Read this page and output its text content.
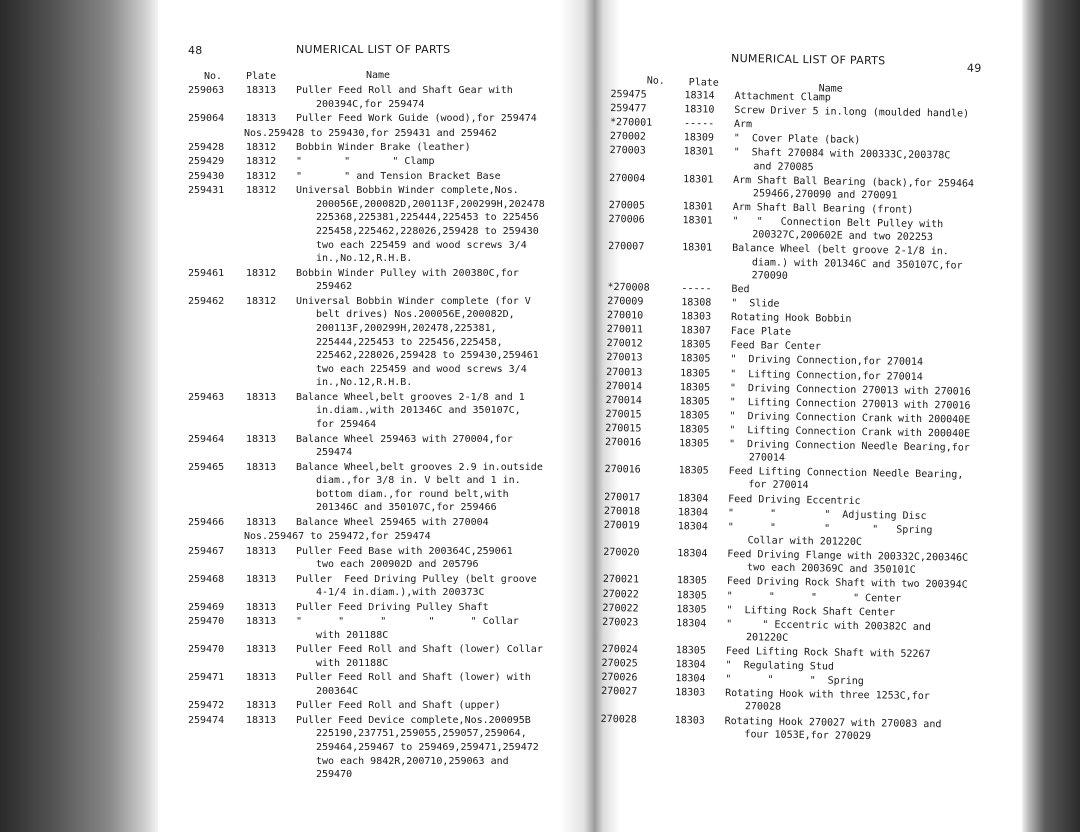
48	NUMERICAL LIST OF PARTS
No. Plate	Name
259063 18313 Puller Feed Roll and Shaft Gear with
200394C,for 259474
259064 18313 Puller Feed Work Guide (wood),for 259474
Nos.259428 to 259430,for 259431 and 259462
259428 18312 Bobbin Winder Brake (leather)
259429 18312 "       "       " Clamp
259430 18312 "       " and Tension Bracket Base
259431 18312 Universal Bobbin Winder complete,Nos.
200056E,200082D,200113F,200299H,202478
225368,225381,225444,225453 to 225456
225458,225462,228026,259428 to 259430
two each 225459 and wood screws 3/4
in.,No.12,R.H.B.
259461 18312 Bobbin Winder Pulley with 200380C,for
259462
259462 18312 Universal Bobbin Winder complete (for V
belt drives) Nos.200056E,200082D,
200113F,200299H,202478,225381,
225444,225453 to 225456,225458,
225462,228026,259428 to 259430,259461
two each 225459 and wood screws 3/4
in.,No.12,R.H.B.
259463 18313 Balance Wheel,belt grooves 2-1/8 and 1
in.diam.,with 201346C and 350107C,
for 259464
259464 18313 Balance Wheel 259463 with 270004,for
259474
259465 18313 Balance Wheel,belt grooves 2.9 in.outside
diam.,for 3/8 in. V belt and 1 in.
bottom diam.,for round belt,with
201346C and 350107C,for 259466
259466 18313 Balance Wheel 259465 with 270004
Nos.259467 to 259472,for 259474
259467 18313 Puller Feed Base with 200364C,259061
two each 200902D and 205796
259468 18313 Puller  Feed Driving Pulley (belt groove
4-1/4 in.diam.),with 200373C
259469 18313 Puller Feed Driving Pulley Shaft
259470 18313 "      "      "       "      " Collar
with 201188C
259470 18313 Puller Feed Roll and Shaft (lower) Collar
with 201188C
259471 18313 Puller Feed Roll and Shaft (lower) with
200364C
259472 18313 Puller Feed Roll and Shaft (upper)
259474 18313 Puller Feed Device complete,Nos.200095B
225190,237751,259055,259057,259064,
259464,259467 to 259469,259471,259472
two each 9842R,200710,259063 and
259470
NUMERICAL LIST OF PARTS
49
No. Plate
Name
259475	18314 Attachment Clamp
259477	18310 Screw Driver 5 in.long (moulded handle)
*270001	----- Arm
270002	18309 "  Cover Plate (back)
270003	18301 "  Shaft 270084 with 200333C,200378C
and 270085
270004	18301 Arm Shaft Ball Bearing (back),for 259464
259466,270090 and 270091
270005	18301 Arm Shaft Ball Bearing (front)
270006	18301 "   "   Connection Belt Pulley with
200327C,200602E and two 202253
270007	18301 Balance Wheel (belt groove 2-1/8 in.
diam.) with 201346C and 350107C,for
270090
*270008	----- Bed
270009	18308 "  Slide
270010	18303 Rotating Hook Bobbin
270011	18307 Face Plate
270012	18305 Feed Bar Center
270013	18305 "  Driving Connection,for 270014
270013	18305 "  Lifting Connection,for 270014
270014	18305 "  Driving Connection 270013 with 270016
270014	18305 "  Lifting Connection 270013 with 270016
270015	18305 "  Driving Connection Crank with 200040E
270015	18305 "  Lifting Connection Crank with 200040E
270016	18305 "  Driving Connection Needle Bearing,for
270014
270016	18305 Feed Lifting Connection Needle Bearing,
for 270014
270017	18304 Feed Driving Eccentric
270018	18304 "      "        "  Adjusting Disc
270019	18304 "      "        "       "   Spring
Collar with 201220C
270020	18304 Feed Driving Flange with 200332C,200346C
two each 200369C and 350101C
270021	18305 Feed Driving Rock Shaft with two 200394C
270022	18305 "      "      "      " Center
270022	18305 "  Lifting Rock Shaft Center
270023	18304 "     " Eccentric with 200382C and
201220C
270024	18305 Feed Lifting Rock Shaft with 52267
270025	18304 "  Regulating Stud
270026	18304 "      "      "  Spring
270027	18303 Rotating Hook with three 1253C,for
270028
270028	18303 Rotating Hook 270027 with 270083 and
four 1053E,for 270029
